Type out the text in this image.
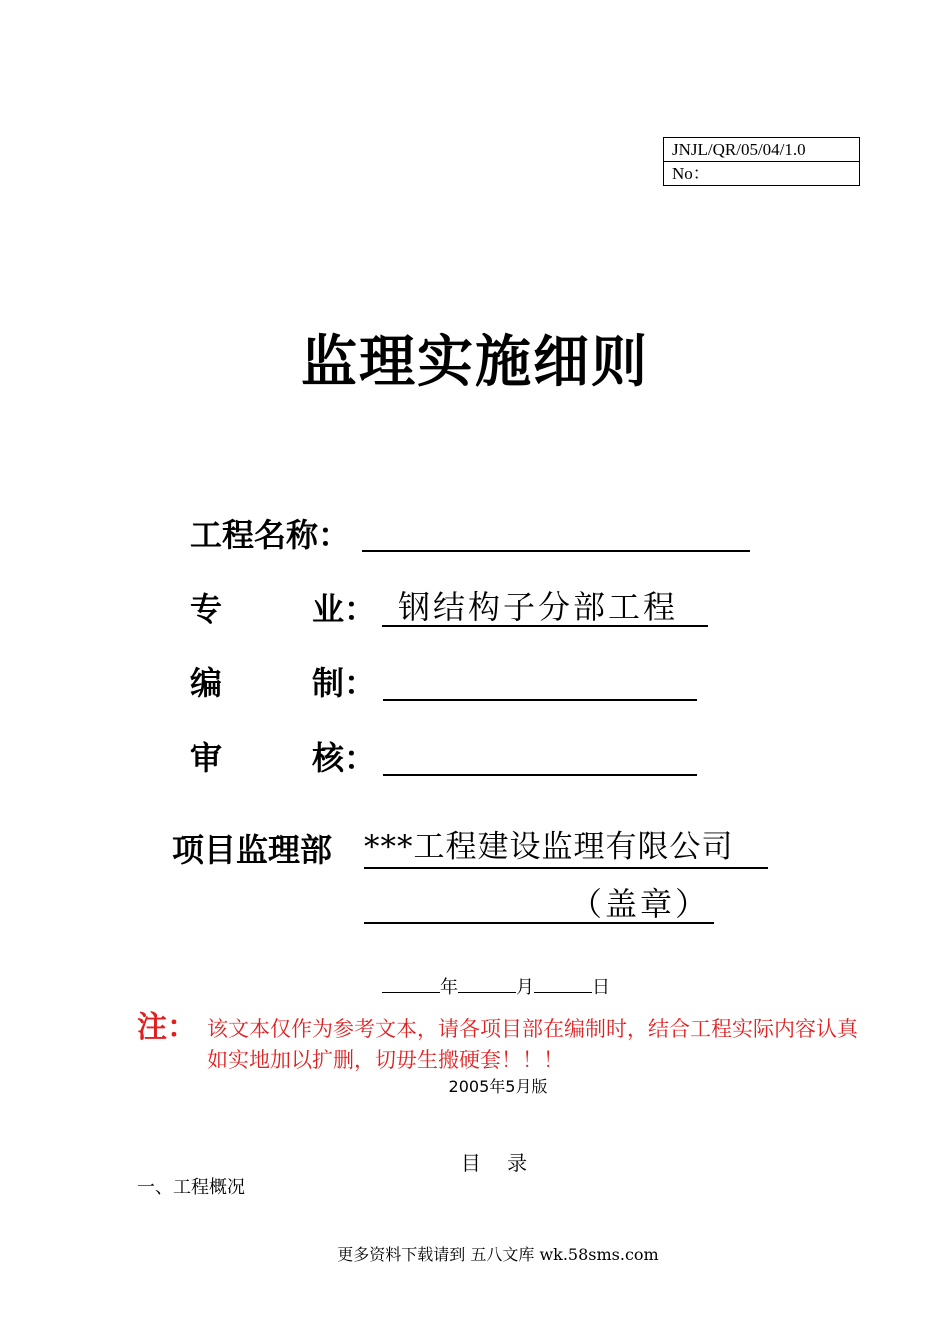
JNJL/QR/05/04/1.0
No：
监理实施细则
工程名称：
专	业： 钢结构子分部工程
编	制：
审	核：
项目监理部 ***工程建设监理有限公司
（盖章）
年	月	日
注： 该文本仅作为参考文本，请各项目部在编制时，结合工程实际内容认真如实地加以扩删，切毋生搬硬套！！！
2005年5月版
目 录
一、工程概况
更多资料下载请到 五八文库 wk.58sms.com
